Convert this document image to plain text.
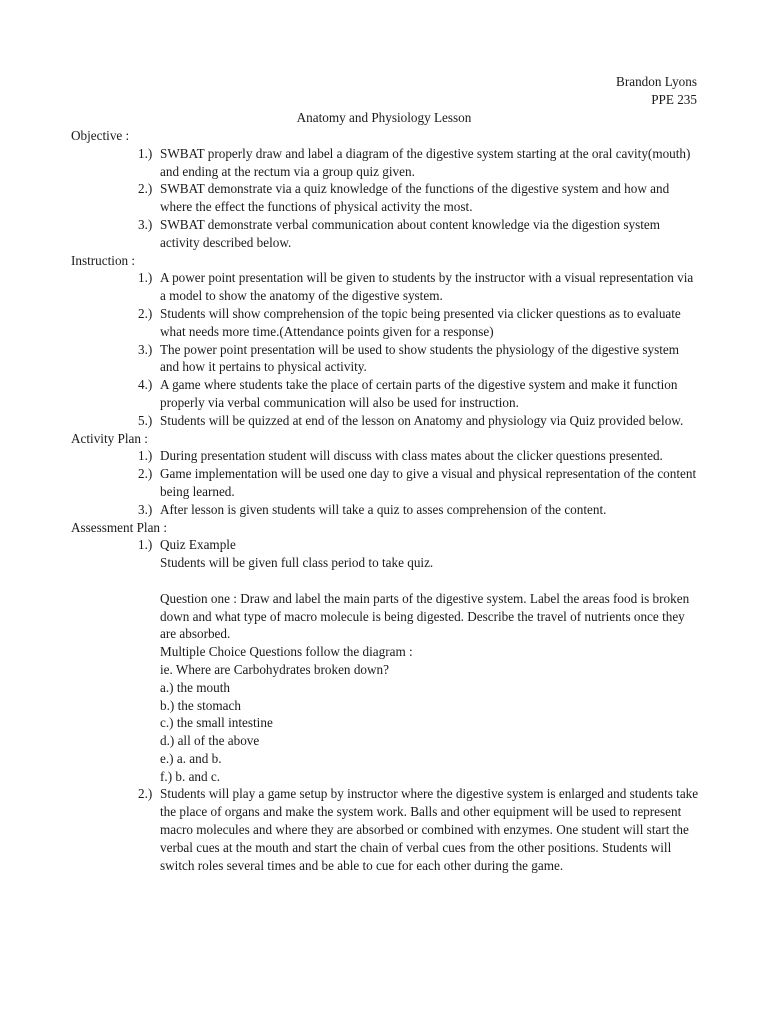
Brandon Lyons
PPE 235
Anatomy and Physiology Lesson
Objective :
1.) SWBAT properly draw and label a diagram of the digestive system starting at the oral cavity(mouth) and ending at the rectum via a group quiz given.
2.) SWBAT demonstrate via a quiz knowledge of the functions of the digestive system and how and where the effect the functions of physical activity the most.
3.) SWBAT demonstrate verbal communication about content knowledge via the digestion system activity described below.
Instruction :
1.) A power point presentation will be given to students by the instructor with a visual representation via a model to show the anatomy of the digestive system.
2.) Students will show comprehension of the topic being presented via clicker questions as to evaluate what needs more time.(Attendance points given for a response)
3.) The power point presentation will be used to show students the physiology of the digestive system and how it pertains to physical activity.
4.) A game where students take the place of certain parts of the digestive system and make it function properly via verbal communication will also be used for instruction.
5.) Students will be quizzed at end of the lesson on Anatomy and physiology via Quiz provided below.
Activity Plan :
1.) During presentation student will discuss with class mates about the clicker questions presented.
2.) Game implementation will be used one day to give a visual and physical representation of the content being learned.
3.) After lesson is given students will take a quiz to asses comprehension of the content.
Assessment Plan :
1.) Quiz Example
Students will be given full class period to take quiz.
Question one : Draw and label the main parts of the digestive system. Label the areas food is broken down and what type of macro molecule is being digested. Describe the travel of nutrients once they are absorbed.
Multiple Choice Questions follow the diagram :
ie. Where are Carbohydrates broken down?
a.) the mouth
b.) the stomach
c.) the small intestine
d.) all of the above
e.) a. and b.
f.) b. and c.
2.) Students will play a game setup by instructor where the digestive system is enlarged and students take the place of organs and make the system work. Balls and other equipment will be used to represent macro molecules and where they are absorbed or combined with enzymes. One student will start the verbal cues at the mouth and start the chain of verbal cues from the other positions. Students will switch roles several times and be able to cue for each other during the game.
